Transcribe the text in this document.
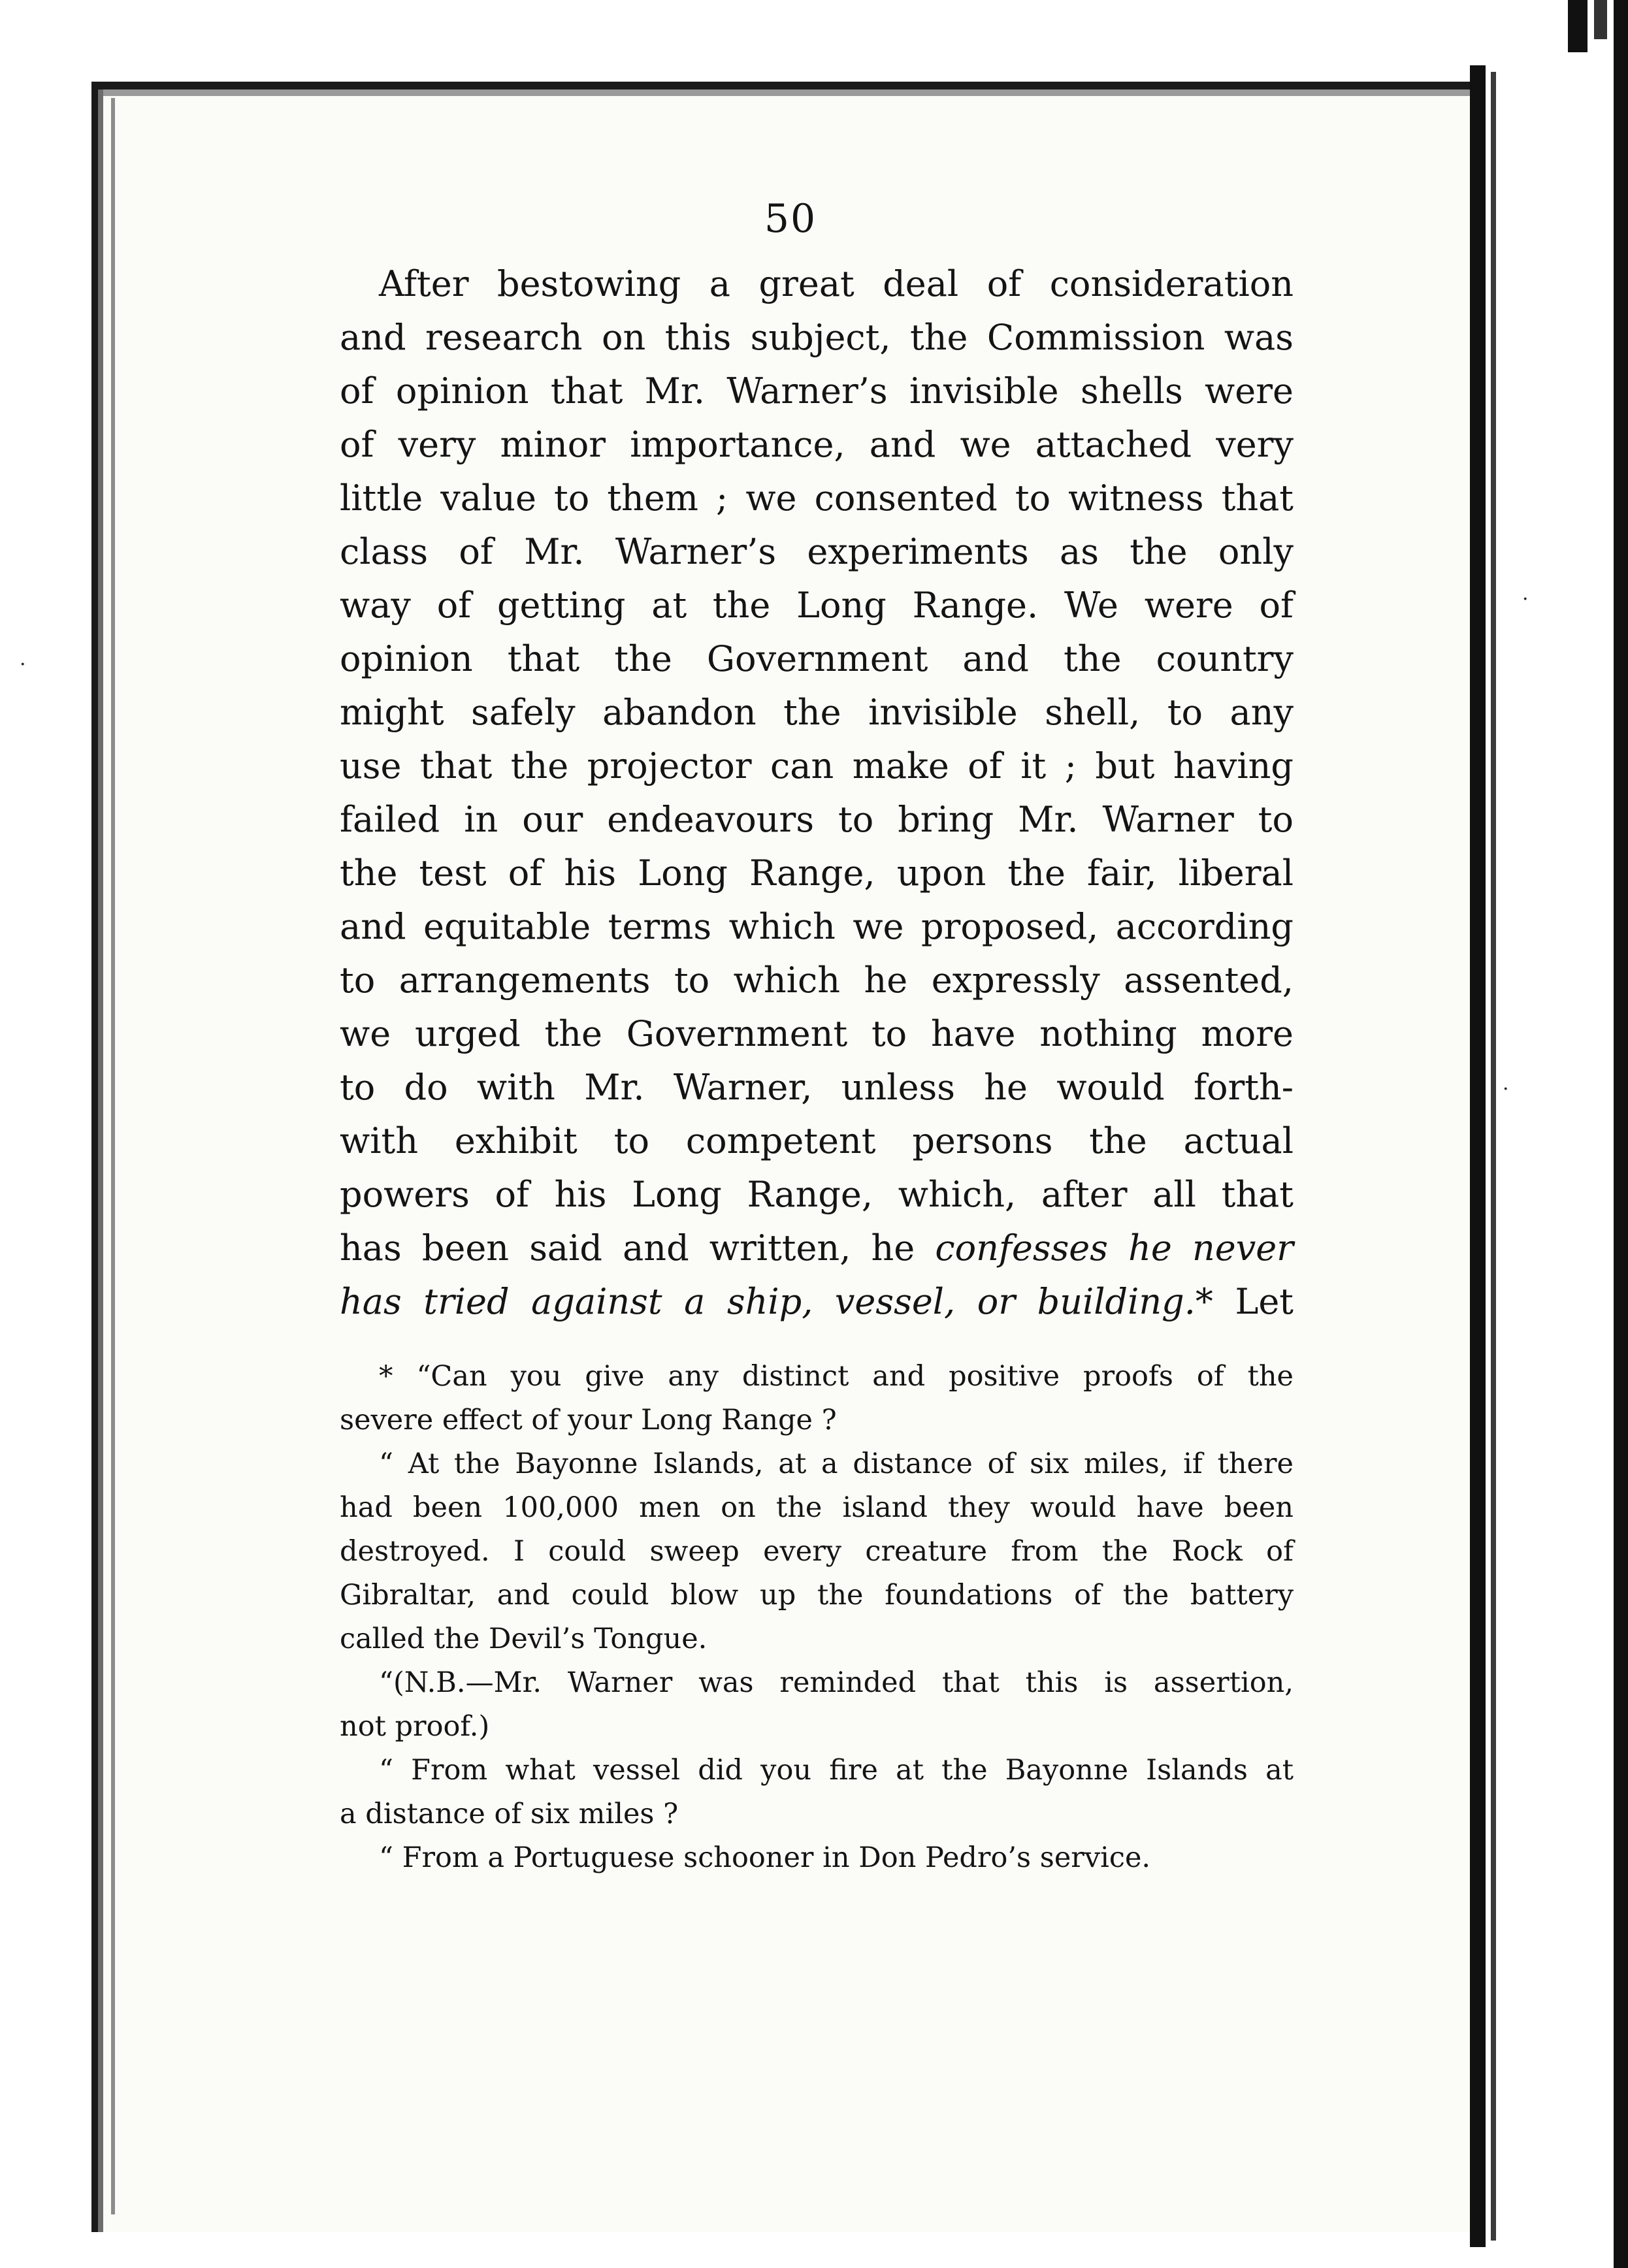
·
·
·
50
After bestowing a great deal of consideration
and research on this subject, the Commission was
of opinion that Mr. Warner’s invisible shells were
of very minor importance, and we attached very
little value to them ; we consented to witness that
class of Mr. Warner’s experiments as the only
way of getting at the Long Range. We were of
opinion that the Government and the country
might safely abandon the invisible shell, to any
use that the projector can make of it ; but having
failed in our endeavours to bring Mr. Warner to
the test of his Long Range, upon the fair, liberal
and equitable terms which we proposed, according
to arrangements to which he expressly assented,
we urged the Government to have nothing more
to do with Mr. Warner, unless he would forth-
with exhibit to competent persons the actual
powers of his Long Range, which, after all that
has been said and written, he confesses he never
has tried against a ship, vessel, or building.* Let
* “Can you give any distinct and positive proofs of the
severe effect of your Long Range ?
“ At the Bayonne Islands, at a distance of six miles, if there
had been 100,000 men on the island they would have been
destroyed. I could sweep every creature from the Rock of
Gibraltar, and could blow up the foundations of the battery
called the Devil’s Tongue.
“(N.B.—Mr. Warner was reminded that this is assertion,
not proof.)
“ From what vessel did you fire at the Bayonne Islands at
a distance of six miles ?
“ From a Portuguese schooner in Don Pedro’s service.
